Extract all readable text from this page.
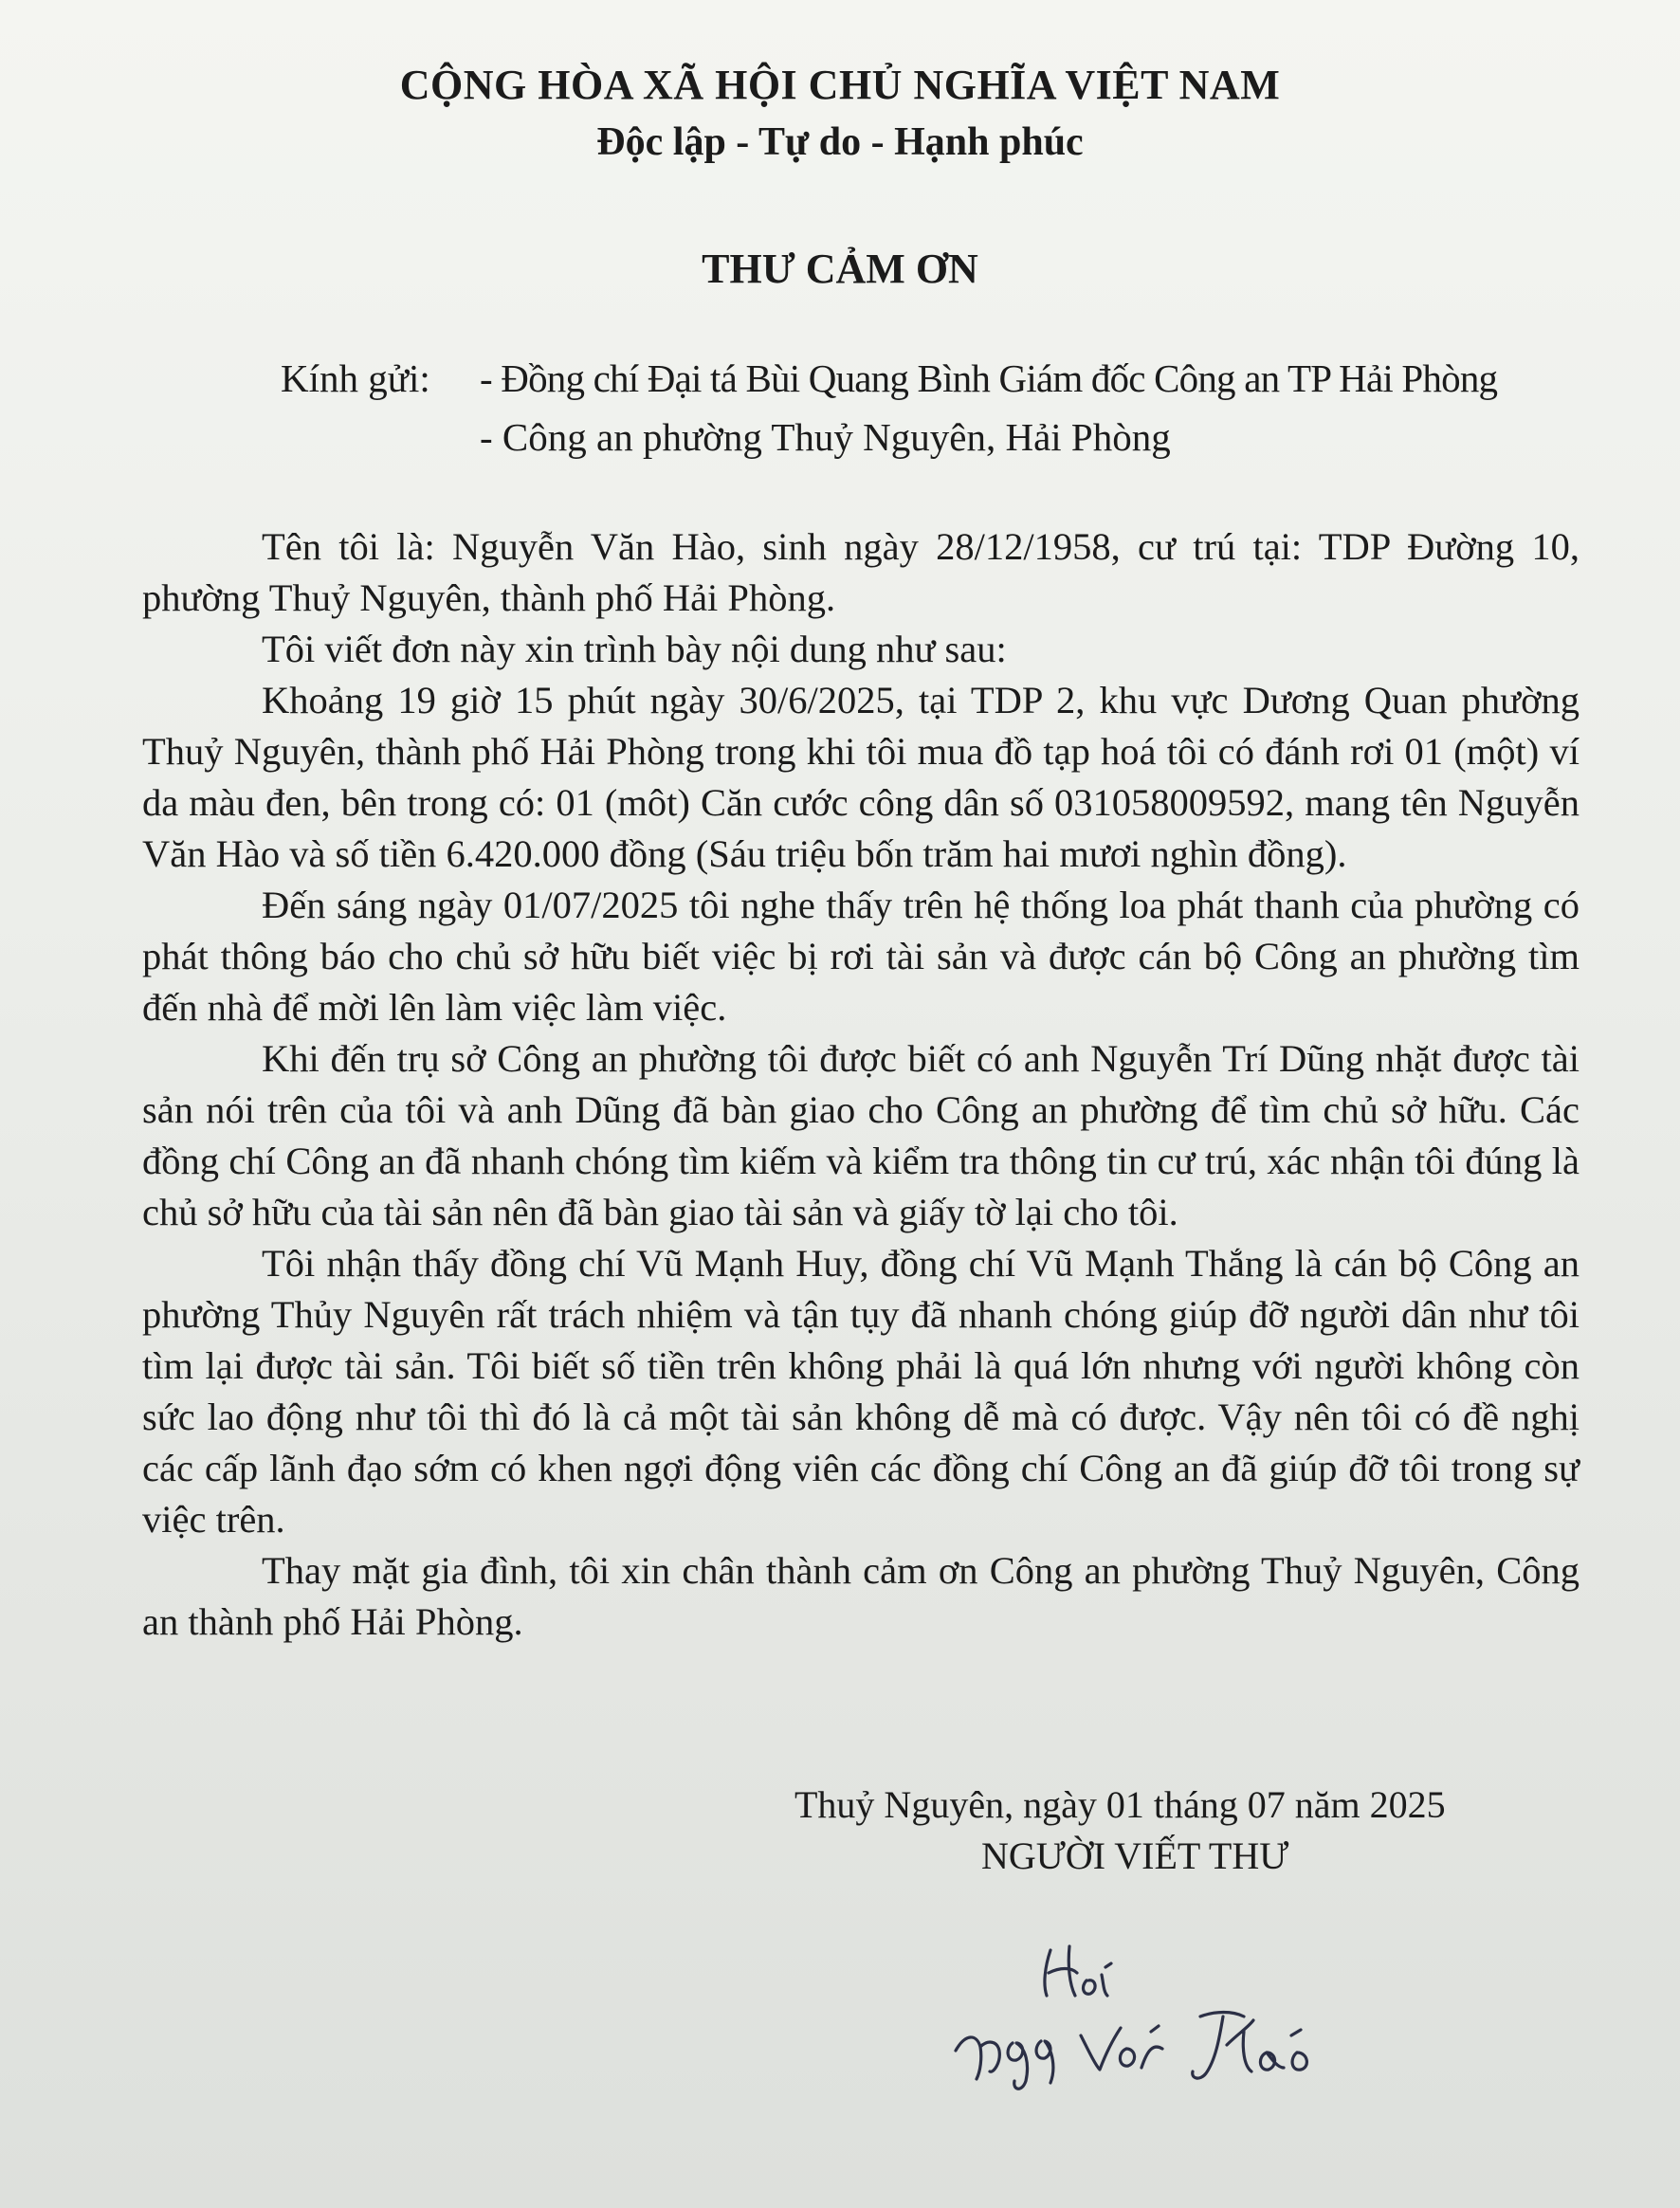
CỘNG HÒA XÃ HỘI CHỦ NGHĨA VIỆT NAM
Độc lập - Tự do - Hạnh phúc
THƯ CẢM ƠN
Kính gửi: - Đồng chí Đại tá Bùi Quang Bình Giám đốc Công an TP Hải Phòng
- Công an phường Thuỷ Nguyên, Hải Phòng

Tên tôi là: Nguyễn Văn Hào, sinh ngày 28/12/1958, cư trú tại: TDP Đường 10, phường Thuỷ Nguyên, thành phố Hải Phòng.

Tôi viết đơn này xin trình bày nội dung như sau:

Khoảng 19 giờ 15 phút ngày 30/6/2025, tại TDP 2, khu vực Dương Quan phường Thuỷ Nguyên, thành phố Hải Phòng trong khi tôi mua đồ tạp hoá tôi có đánh rơi 01 (một) ví da màu đen, bên trong có: 01 (môt) Căn cước công dân số 031058009592, mang tên Nguyễn Văn Hào và số tiền 6.420.000 đồng (Sáu triệu bốn trăm hai mươi nghìn đồng).

Đến sáng ngày 01/07/2025 tôi nghe thấy trên hệ thống loa phát thanh của phường có phát thông báo cho chủ sở hữu biết việc bị rơi tài sản và được cán bộ Công an phường tìm đến nhà để mời lên làm việc làm việc.

Khi đến trụ sở Công an phường tôi được biết có anh Nguyễn Trí Dũng nhặt được tài sản nói trên của tôi và anh Dũng đã bàn giao cho Công an phường để tìm chủ sở hữu. Các đồng chí Công an đã nhanh chóng tìm kiếm và kiểm tra thông tin cư trú, xác nhận tôi đúng là chủ sở hữu của tài sản nên đã bàn giao tài sản và giấy tờ lại cho tôi.

Tôi nhận thấy đồng chí Vũ Mạnh Huy, đồng chí Vũ Mạnh Thắng là cán bộ Công an phường Thủy Nguyên rất trách nhiệm và tận tụy đã nhanh chóng giúp đỡ người dân như tôi tìm lại được tài sản. Tôi biết số tiền trên không phải là quá lớn nhưng với người không còn sức lao động như tôi thì đó là cả một tài sản không dễ mà có được. Vậy nên tôi có đề nghị các cấp lãnh đạo sớm có khen ngợi động viên các đồng chí Công an đã giúp đỡ tôi trong sự việc trên.

Thay mặt gia đình, tôi xin chân thành cảm ơn Công an phường Thuỷ Nguyên, Công an thành phố Hải Phòng.

Thuỷ Nguyên, ngày 01 tháng 07 năm 2025
NGƯỜI VIẾT THƯ
